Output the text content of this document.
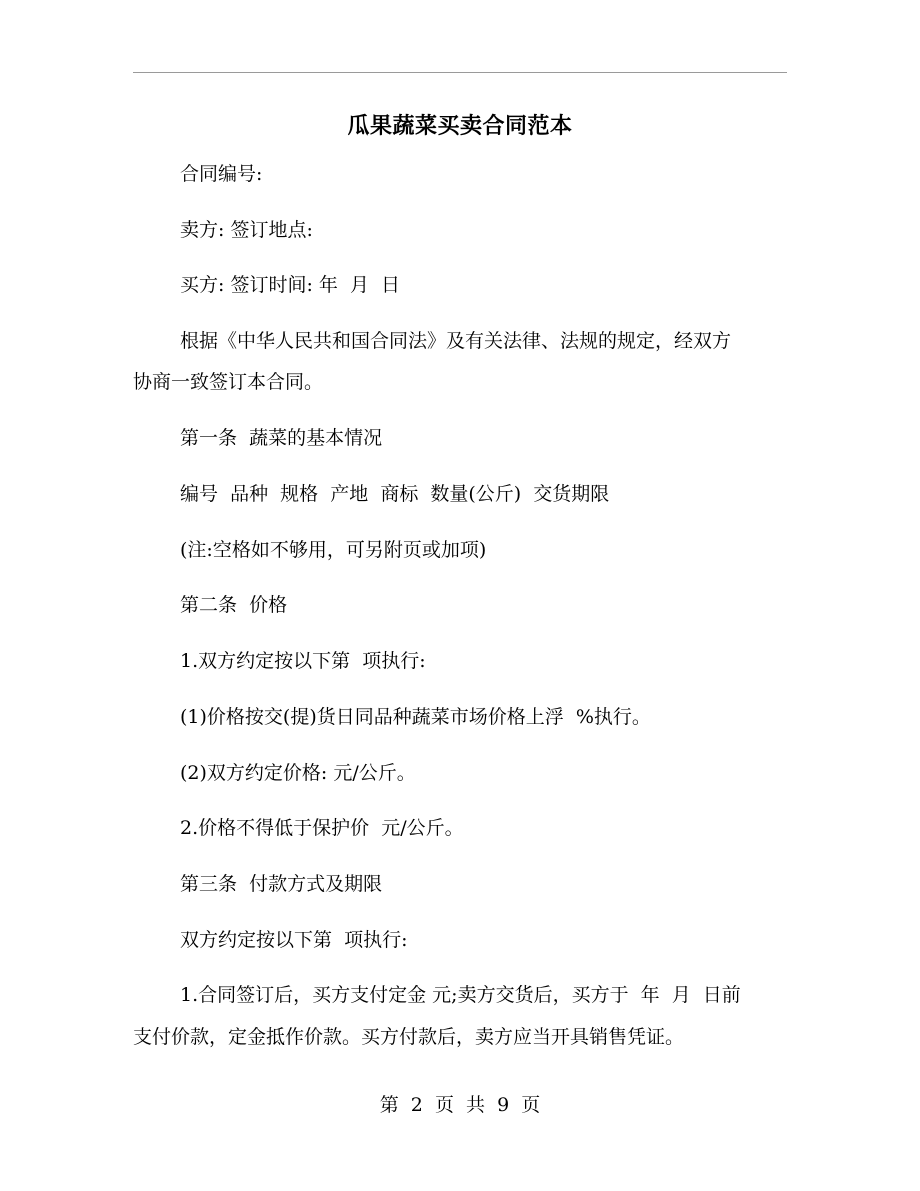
瓜果蔬菜买卖合同范本
合同编号:
卖方: 签订地点:
买方: 签订时间: 年  月  日
根据《中华人民共和国合同法》及有关法律、法规的规定，经双方
协商一致签订本合同。
第一条  蔬菜的基本情况
编号  品种  规格  产地  商标  数量(公斤)  交货期限
(注:空格如不够用，可另附页或加项)
第二条  价格
1.双方约定按以下第  项执行:
(1)价格按交(提)货日同品种蔬菜市场价格上浮  %执行。
(2)双方约定价格: 元/公斤。
2.价格不得低于保护价  元/公斤。
第三条  付款方式及期限
双方约定按以下第  项执行:
1.合同签订后，买方支付定金 元;卖方交货后，买方于  年  月  日前
支付价款，定金抵作价款。买方付款后，卖方应当开具销售凭证。
第  2  页  共  9  页
